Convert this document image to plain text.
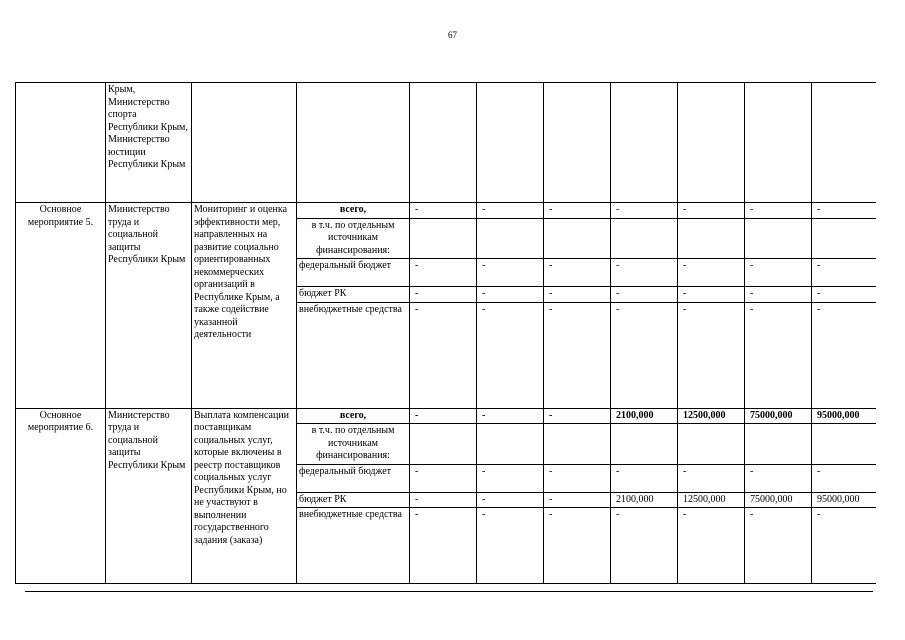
67
	Крым, Министерство спорта Республики Крым, Министерство юстиции Республики Крым									
Основное мероприятие 5.	Министерство труда и социальной защиты Республики Крым	Мониторинг и оценка эффективности мер, направленных на развитие социально ориентированных некоммерческих организаций в Республике Крым, а также содействие указанной деятельности	всего,	-	-	-	-	-	-	-
			в т.ч. по отдельным источникам финансирования:							
			федеральный бюджет	-	-	-	-	-	-	-
			бюджет РК	-	-	-	-	-	-	-
			внебюджетные средства	-	-	-	-	-	-	-
Основное мероприятие 6.	Министерство труда и социальной защиты Республики Крым	Выплата компенсации поставщикам социальных услуг, которые включены в реестр поставщиков социальных услуг Республики Крым, но не участвуют в выполнении государственного задания (заказа)	всего,	-	-	-	2100,000	12500,000	75000,000	95000,000
			в т.ч. по отдельным источникам финансирования:							
			федеральный бюджет	-	-	-	-	-	-	-
			бюджет РК	-	-	-	2100,000	12500,000	75000,000	95000,000
			внебюджетные средства	-	-	-	-	-	-	-
